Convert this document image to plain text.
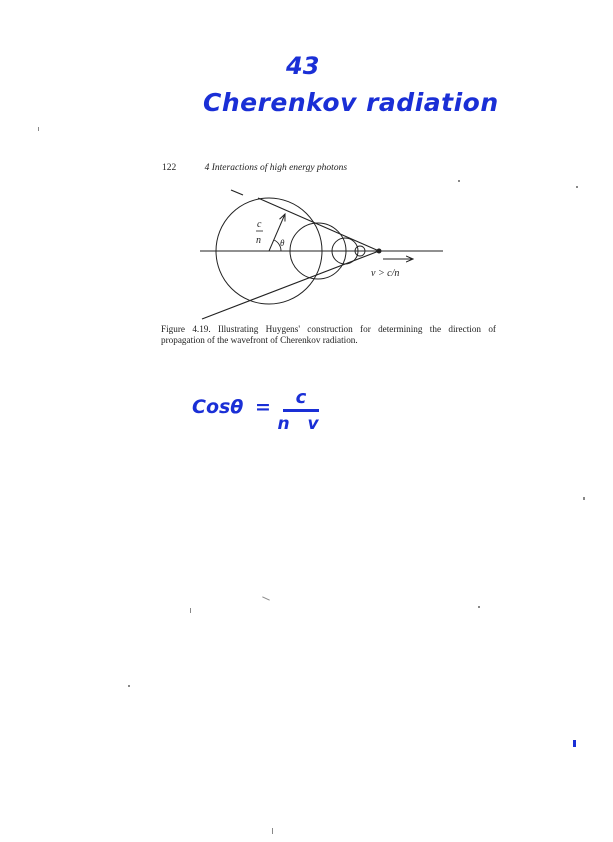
43
Cherenkov radiation
122	4 Interactions of high energy photons
c
n θ
v > c/n
Figure 4.19. Illustrating Huygens' construction for determining the direction of propagation of the wavefront of Cherenkov radiation.
Cosθ =	c
n v
